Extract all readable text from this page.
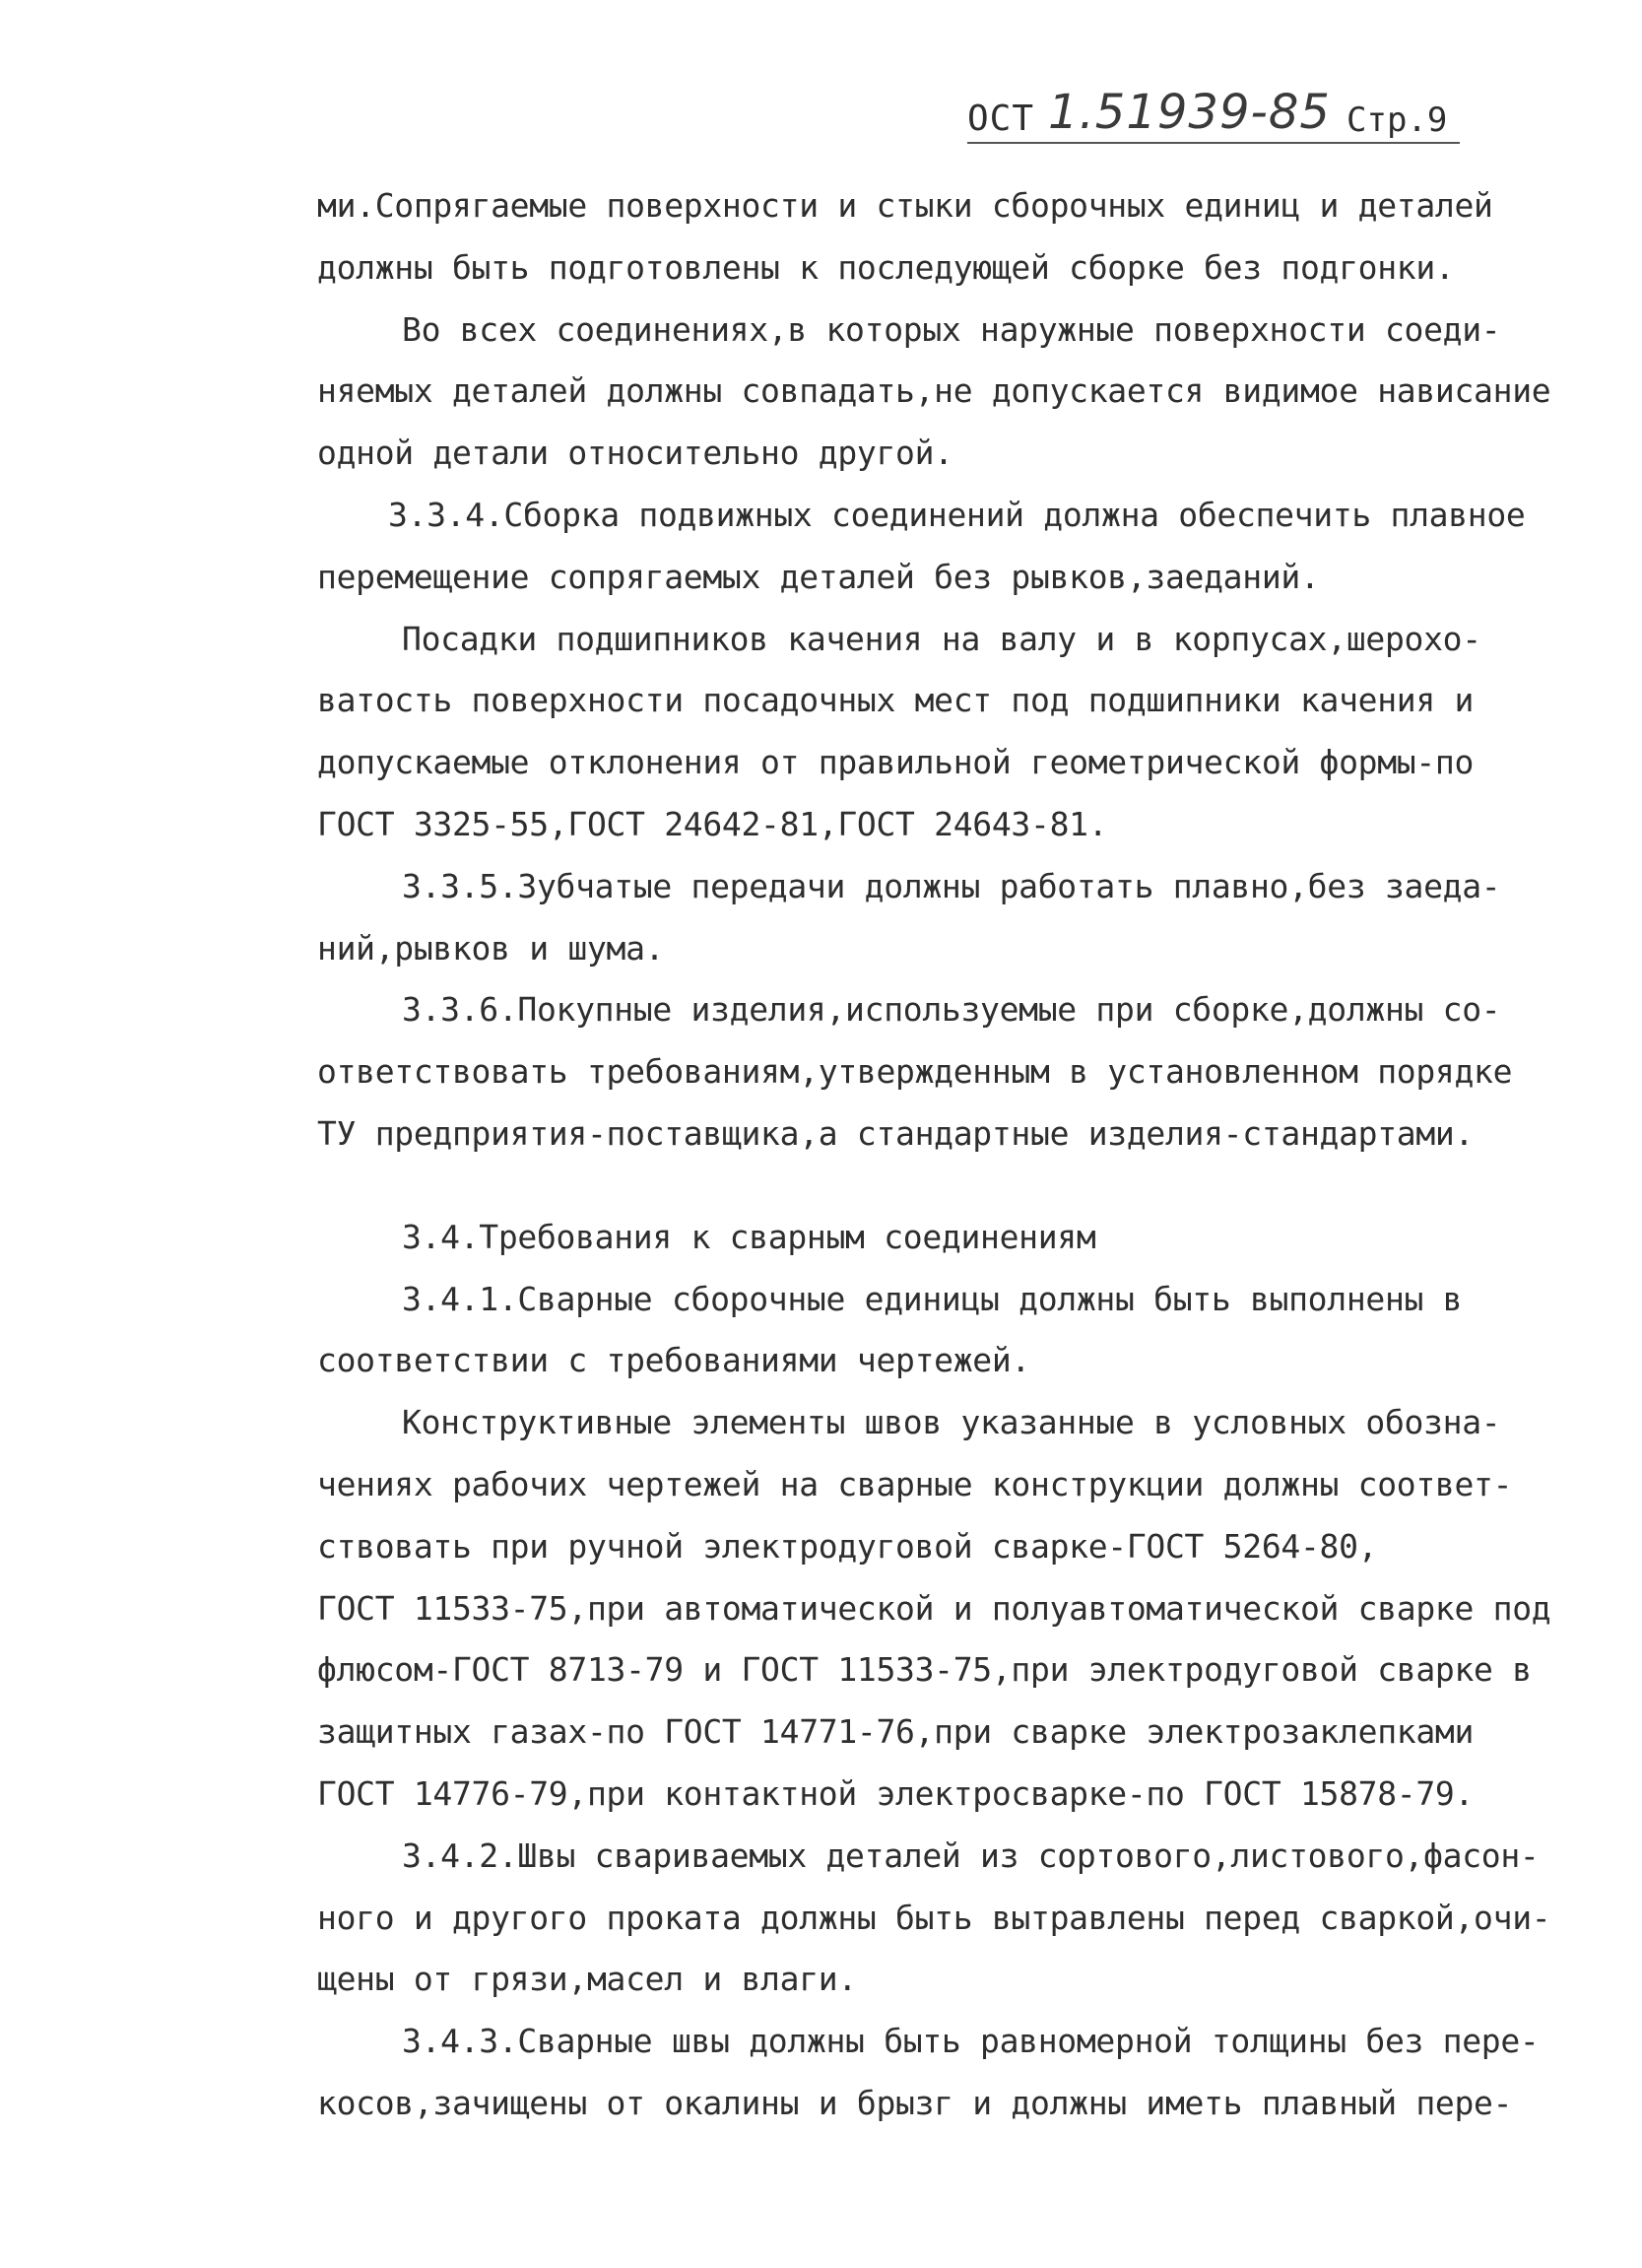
ОСТ 1.51939-85 Стр.9
ми.Сопрягаемые поверхности и стыки сборочных единиц и деталей
должны быть подготовлены к последующей сборке без подгонки.
Во всех соединениях,в которых наружные поверхности соеди-
няемых деталей должны совпадать,не допускается видимое нависание
одной детали относительно другой.
3.3.4.Сборка подвижных соединений должна обеспечить плавное
перемещение сопрягаемых деталей без рывков,заеданий.
Посадки подшипников качения на валу и в корпусах,шерохо-
ватость поверхности посадочных мест под подшипники качения и
допускаемые отклонения от правильной геометрической формы-по
ГОСТ 3325-55,ГОСТ 24642-81,ГОСТ 24643-81.
3.3.5.Зубчатые передачи должны работать плавно,без заеда-
ний,рывков и шума.
3.3.6.Покупные изделия,используемые при сборке,должны со-
ответствовать требованиям,утвержденным в установленном порядке
ТУ предприятия-поставщика,а стандартные изделия-стандартами.
3.4.Требования к сварным соединениям
3.4.1.Сварные сборочные единицы должны быть выполнены в
соответствии с требованиями чертежей.
Конструктивные элементы швов указанные в условных обозна-
чениях рабочих чертежей на сварные конструкции должны соответ-
ствовать при ручной электродуговой сварке-ГОСТ 5264-80,
ГОСТ 11533-75,при автоматической и полуавтоматической сварке под
флюсом-ГОСТ 8713-79 и ГОСТ 11533-75,при электродуговой сварке в
защитных газах-по ГОСТ 14771-76,при сварке электрозаклепками
ГОСТ 14776-79,при контактной электросварке-по ГОСТ 15878-79.
3.4.2.Швы свариваемых деталей из сортового,листового,фасон-
ного и другого проката должны быть вытравлены перед сваркой,очи-
щены от грязи,масел и влаги.
3.4.3.Сварные швы должны быть равномерной толщины без пере-
косов,зачищены от окалины и брызг и должны иметь плавный пере-
